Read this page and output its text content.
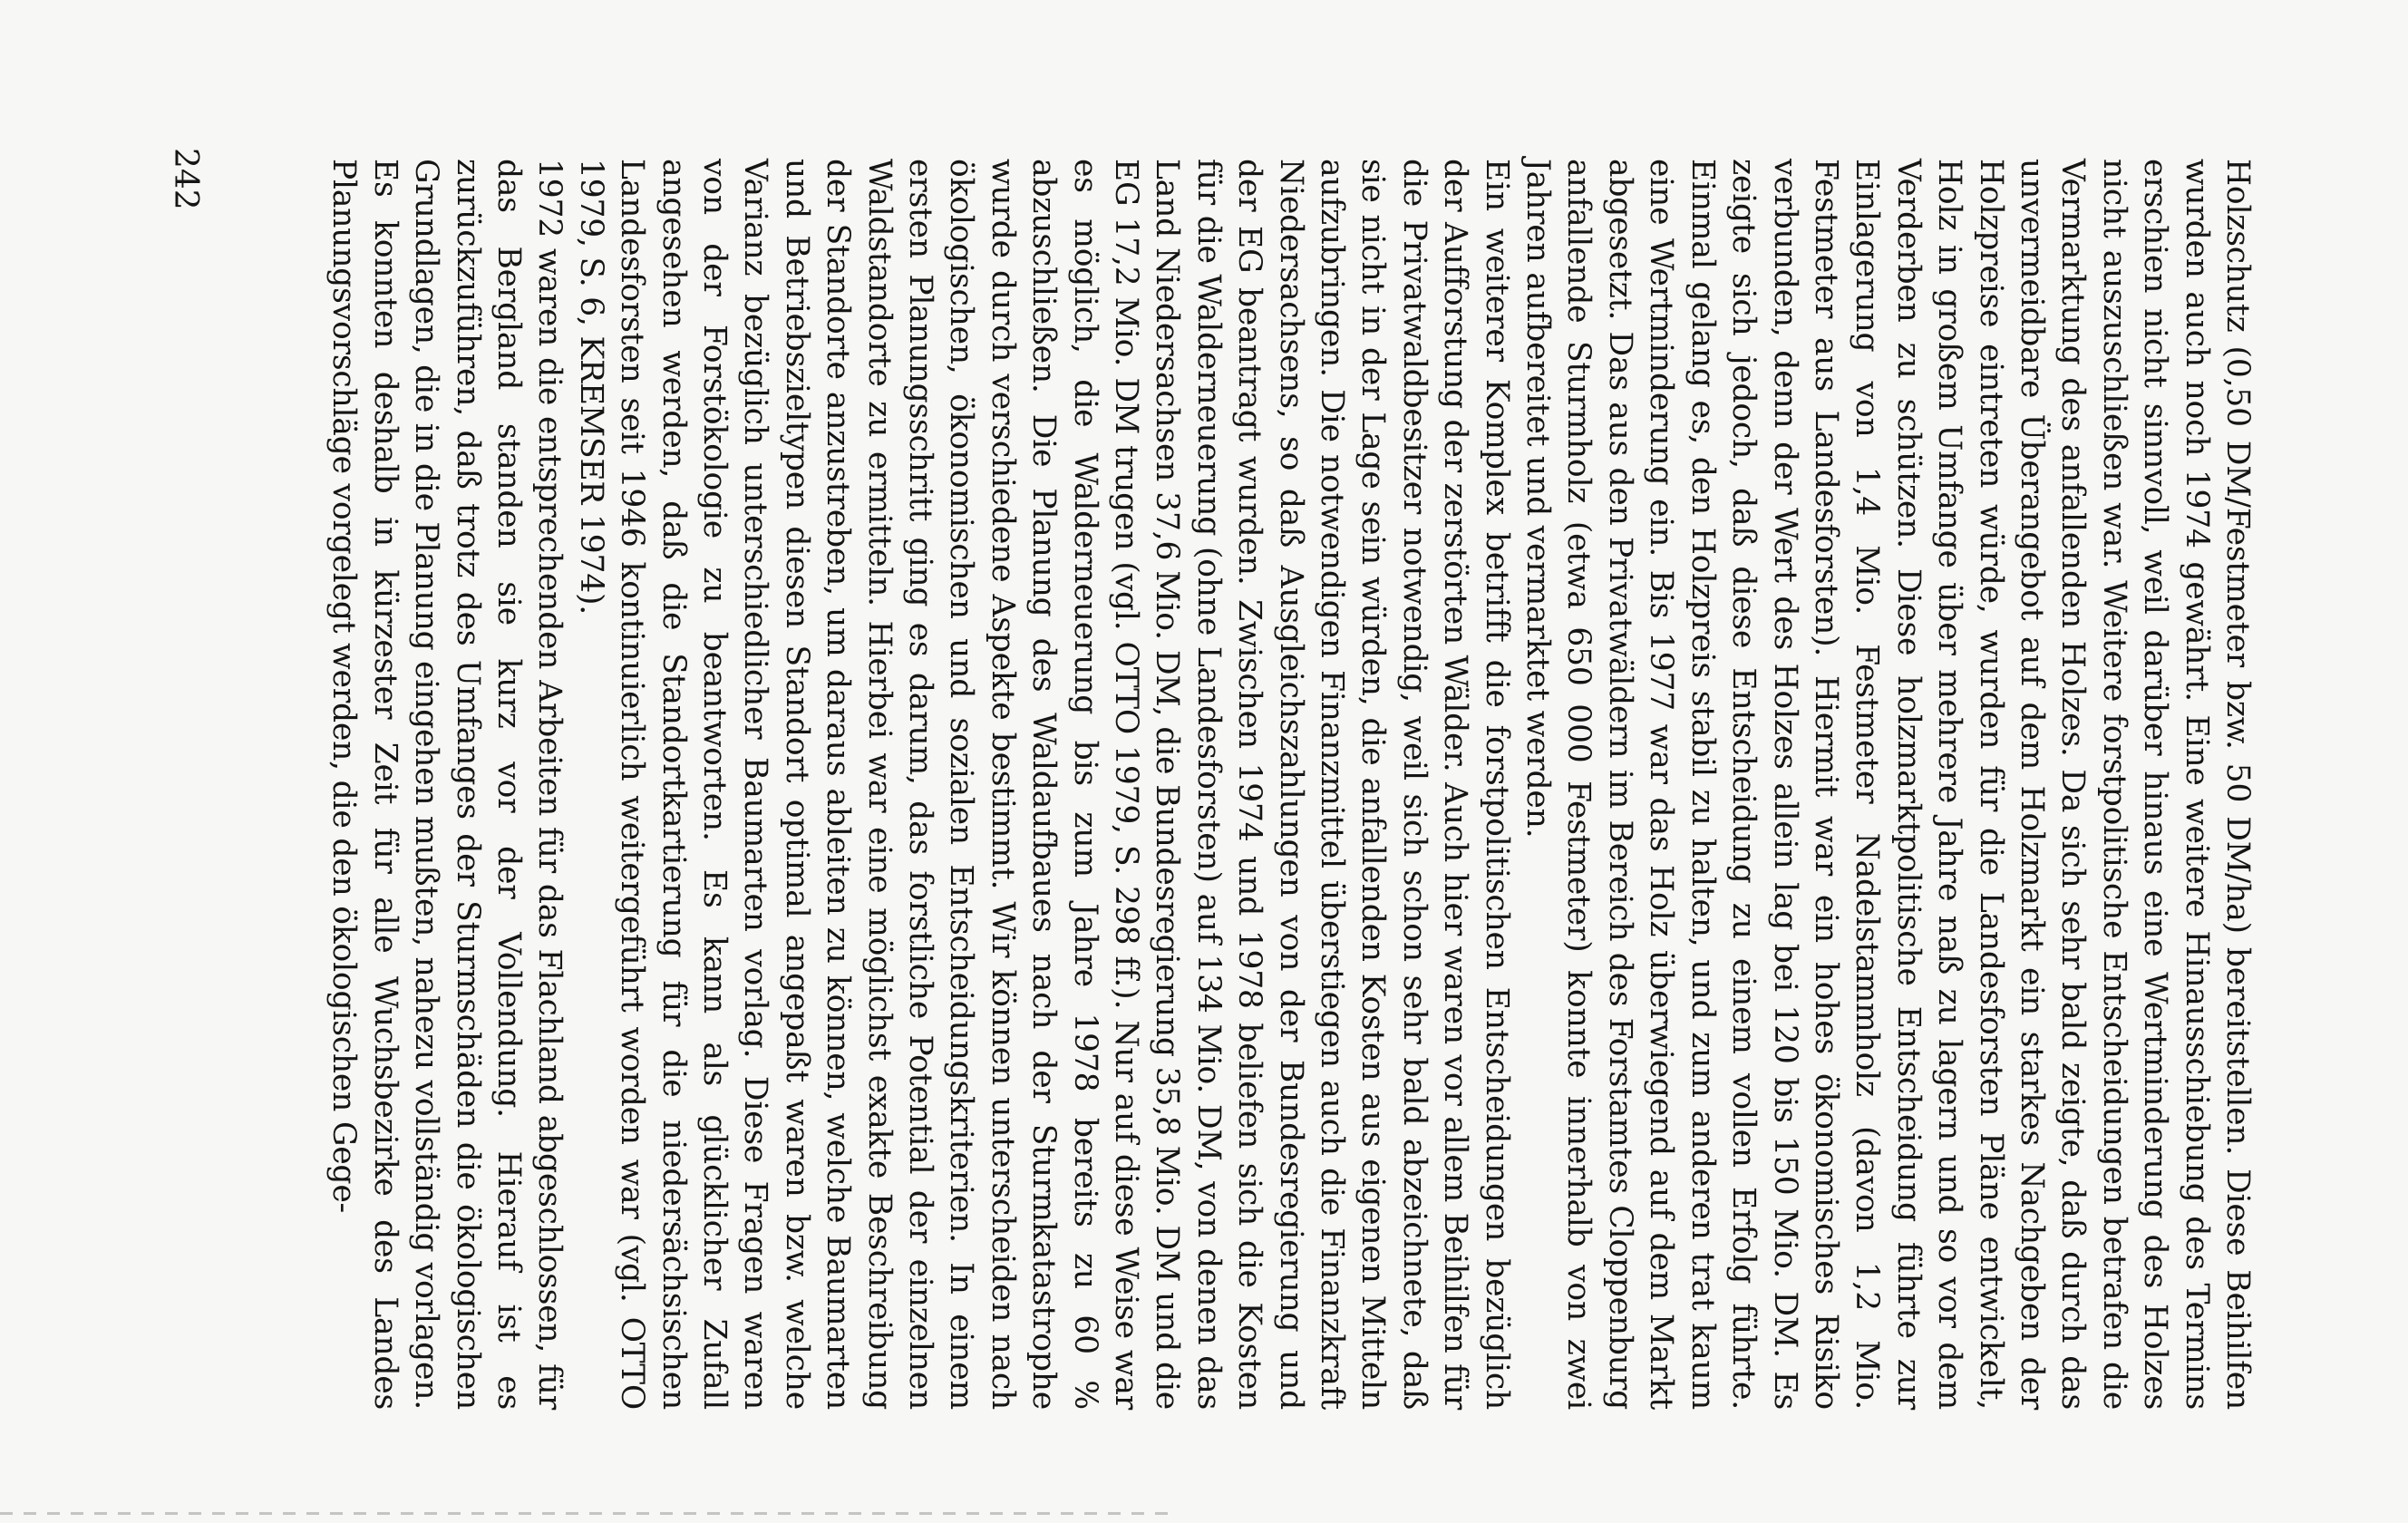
Holzschutz (0,50 DM/Festmeter bzw. 50 DM/ha) bereitstellen. Diese Beihilfen wurden auch noch 1974 gewährt. Eine weitere Hinausschiebung des Termins erschien nicht sinnvoll, weil darüber hinaus eine Wertminderung des Holzes nicht auszuschließen war. Weitere forstpolitische Entscheidungen betrafen die Vermarktung des anfallenden Holzes. Da sich sehr bald zeigte, daß durch das unvermeidbare Überangebot auf dem Holzmarkt ein starkes Nachgeben der Holzpreise eintreten würde, wurden für die Landesforsten Pläne entwickelt, Holz in großem Umfange über mehrere Jahre naß zu lagern und so vor dem Verderben zu schützen. Diese holzmarktpolitische Entscheidung führte zur Einlagerung von 1,4 Mio. Festmeter Nadelstammholz (davon 1,2 Mio. Festmeter aus Landesforsten). Hiermit war ein hohes ökonomisches Risiko verbunden, denn der Wert des Holzes allein lag bei 120 bis 150 Mio. DM. Es zeigte sich jedoch, daß diese Entscheidung zu einem vollen Erfolg führte. Einmal gelang es, den Holzpreis stabil zu halten, und zum anderen trat kaum eine Wertminderung ein. Bis 1977 war das Holz überwiegend auf dem Markt abgesetzt. Das aus den Privatwäldern im Bereich des Forstamtes Cloppenburg anfallende Sturmholz (etwa 650 000 Festmeter) konnte innerhalb von zwei Jahren aufbereitet und vermarktet werden.

Ein weiterer Komplex betrifft die forstpolitischen Entscheidungen bezüglich der Aufforstung der zerstörten Wälder. Auch hier waren vor allem Beihilfen für die Privatwaldbesitzer notwendig, weil sich schon sehr bald abzeichnete, daß sie nicht in der Lage sein würden, die anfallenden Kosten aus eigenen Mitteln aufzubringen. Die notwendigen Finanzmittel überstiegen auch die Finanzkraft Niedersachsens, so daß Ausgleichszahlungen von der Bundesregierung und der EG beantragt wurden. Zwischen 1974 und 1978 beliefen sich die Kosten für die Walderneuerung (ohne Landesforsten) auf 134 Mio. DM, von denen das Land Niedersachsen 37,6 Mio. DM, die Bundesregierung 35,8 Mio. DM und die EG 17,2 Mio. DM trugen (vgl. OTTO 1979, S. 298 ff.). Nur auf diese Weise war es möglich, die Walderneuerung bis zum Jahre 1978 bereits zu 60 % abzuschließen. Die Planung des Waldaufbaues nach der Sturmkatastrophe wurde durch verschiedene Aspekte bestimmt. Wir können unterscheiden nach ökologischen, ökonomischen und sozialen Entscheidungskriterien. In einem ersten Planungsschritt ging es darum, das forstliche Potential der einzelnen Waldstandorte zu ermitteln. Hierbei war eine möglichst exakte Beschreibung der Standorte anzustreben, um daraus ableiten zu können, welche Baumarten und Betriebszieltypen diesen Standort optimal angepaßt waren bzw. welche Varianz bezüglich unterschiedlicher Baumarten vorlag. Diese Fragen waren von der Forstökologie zu beantworten. Es kann als glücklicher Zufall angesehen werden, daß die Standortkartierung für die niedersächsischen Landesforsten seit 1946 kontinuierlich weitergeführt worden war (vgl. OTTO 1979, S. 6, KREMSER 1974).

1972 waren die entsprechenden Arbeiten für das Flachland abgeschlossen, für das Bergland standen sie kurz vor der Vollendung. Hierauf ist es zurückzuführen, daß trotz des Umfanges der Sturmschäden die ökologischen Grundlagen, die in die Planung eingehen mußten, nahezu vollständig vorlagen. Es konnten deshalb in kürzester Zeit für alle Wuchsbezirke des Landes Planungsvorschläge vorgelegt werden, die den ökologischen Gege-

242
